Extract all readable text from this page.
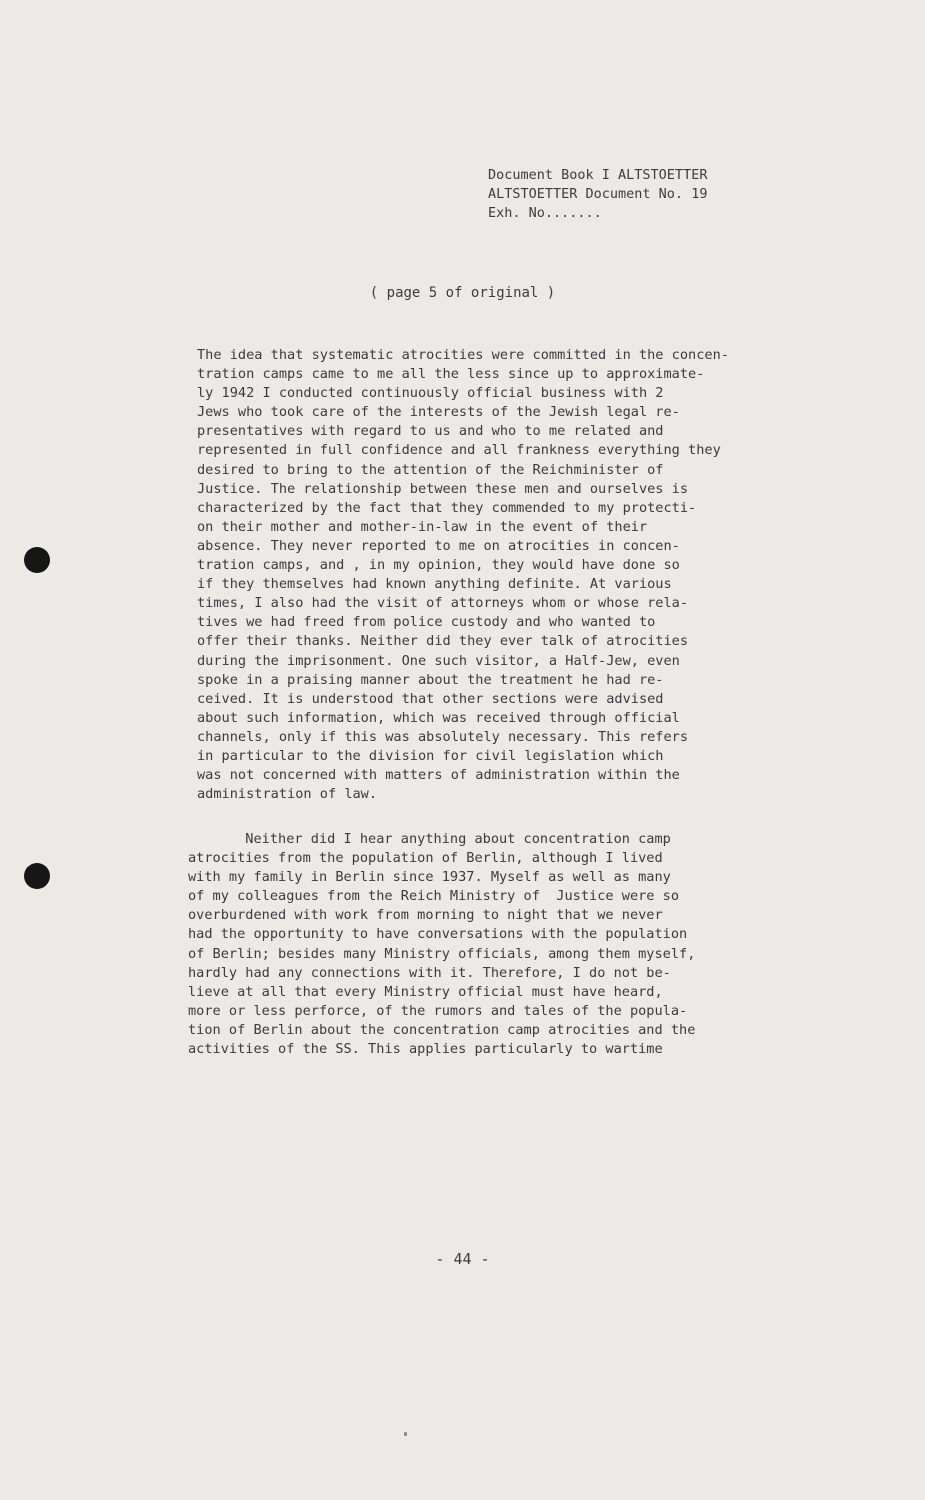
Document Book I ALTSTOETTER
ALTSTOETTER Document No. 19
Exh. No.......
( page 5 of original )
The idea that systematic atrocities were committed in the concen-
tration camps came to me all the less since up to approximate-
ly 1942 I conducted continuously official business with 2
Jews who took care of the interests of the Jewish legal re-
presentatives with regard to us and who to me related and
represented in full confidence and all frankness everything they
desired to bring to the attention of the Reichminister of
Justice. The relationship between these men and ourselves is
characterized by the fact that they commended to my protecti-
on their mother and mother-in-law in the event of their
absence. They never reported to me on atrocities in concen-
tration camps, and , in my opinion, they would have done so
if they themselves had known anything definite. At various
times, I also had the visit of attorneys whom or whose rela-
tives we had freed from police custody and who wanted to
offer their thanks. Neither did they ever talk of atrocities
during the imprisonment. One such visitor, a Half-Jew, even
spoke in a praising manner about the treatment he had re-
ceived. It is understood that other sections were advised
about such information, which was received through official
channels, only if this was absolutely necessary. This refers
in particular to the division for civil legislation which
was not concerned with matters of administration within the
administration of law.
Neither did I hear anything about concentration camp
atrocities from the population of Berlin, although I lived
with my family in Berlin since 1937. Myself as well as many
of my colleagues from the Reich Ministry of  Justice were so
overburdened with work from morning to night that we never
had the opportunity to have conversations with the population
of Berlin; besides many Ministry officials, among them myself,
hardly had any connections with it. Therefore, I do not be-
lieve at all that every Ministry official must have heard,
more or less perforce, of the rumors and tales of the popula-
tion of Berlin about the concentration camp atrocities and the
activities of the SS. This applies particularly to wartime
- 44 -
